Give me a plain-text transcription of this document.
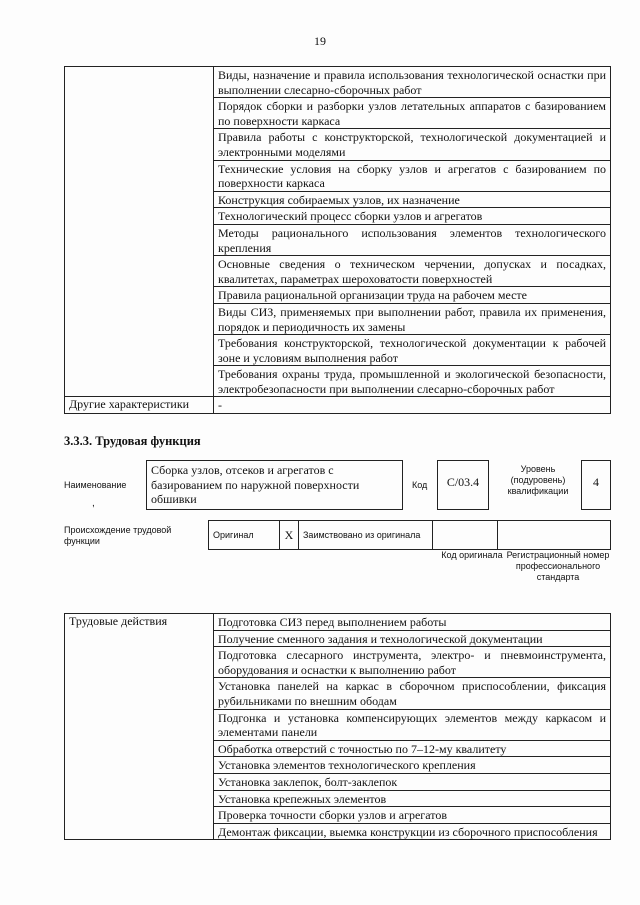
19
	Виды, назначение и правила использования технологической оснастки при выполнении слесарно-сборочных работ
	Порядок сборки и разборки узлов летательных аппаратов с базированием по поверхности каркаса
	Правила работы с конструкторской, технологической документацией и электронными моделями
	Технические условия на сборку узлов и агрегатов с базированием по поверхности каркаса
	Конструкция собираемых узлов, их назначение
	Технологический процесс сборки узлов и агрегатов
	Методы рационального использования элементов технологического крепления
	Основные сведения о техническом черчении, допусках и посадках, квалитетах, параметрах шероховатости поверхностей
	Правила рациональной организации труда на рабочем месте
	Виды СИЗ, применяемых при выполнении работ, правила их применения, порядок и периодичность их замены
	Требования конструкторской, технологической документации к рабочей зоне и условиям выполнения работ
	Требования охраны труда, промышленной и экологической безопасности, электробезопасности при выполнении слесарно-сборочных работ
Другие характеристики	-
3.3.3. Трудовая функция
Наименование
,
Сборка узлов, отсеков и агрегатов с базированием по наружной поверхности обшивки
Код	С/03.4
Уровень (подуровень) квалификации
4
Происхождение трудовой функции
Оригинал	X	Заимствовано из оригинала		
Код оригинала Регистрационный номер профессионального стандарта
Трудовые действия	Подготовка СИЗ перед выполнением работы
Получение сменного задания и технологической документации
Подготовка слесарного инструмента, электро- и пневмоинструмента, оборудования и оснастки к выполнению работ
Установка панелей на каркас в сборочном приспособлении, фиксация рубильниками по внешним ободам
Подгонка и установка компенсирующих элементов между каркасом и элементами панели
Обработка отверстий с точностью по 7–12-му квалитету
Установка элементов технологического крепления
Установка заклепок, болт-заклепок
Установка крепежных элементов
Проверка точности сборки узлов и агрегатов
Демонтаж фиксации, выемка конструкции из сборочного приспособления
